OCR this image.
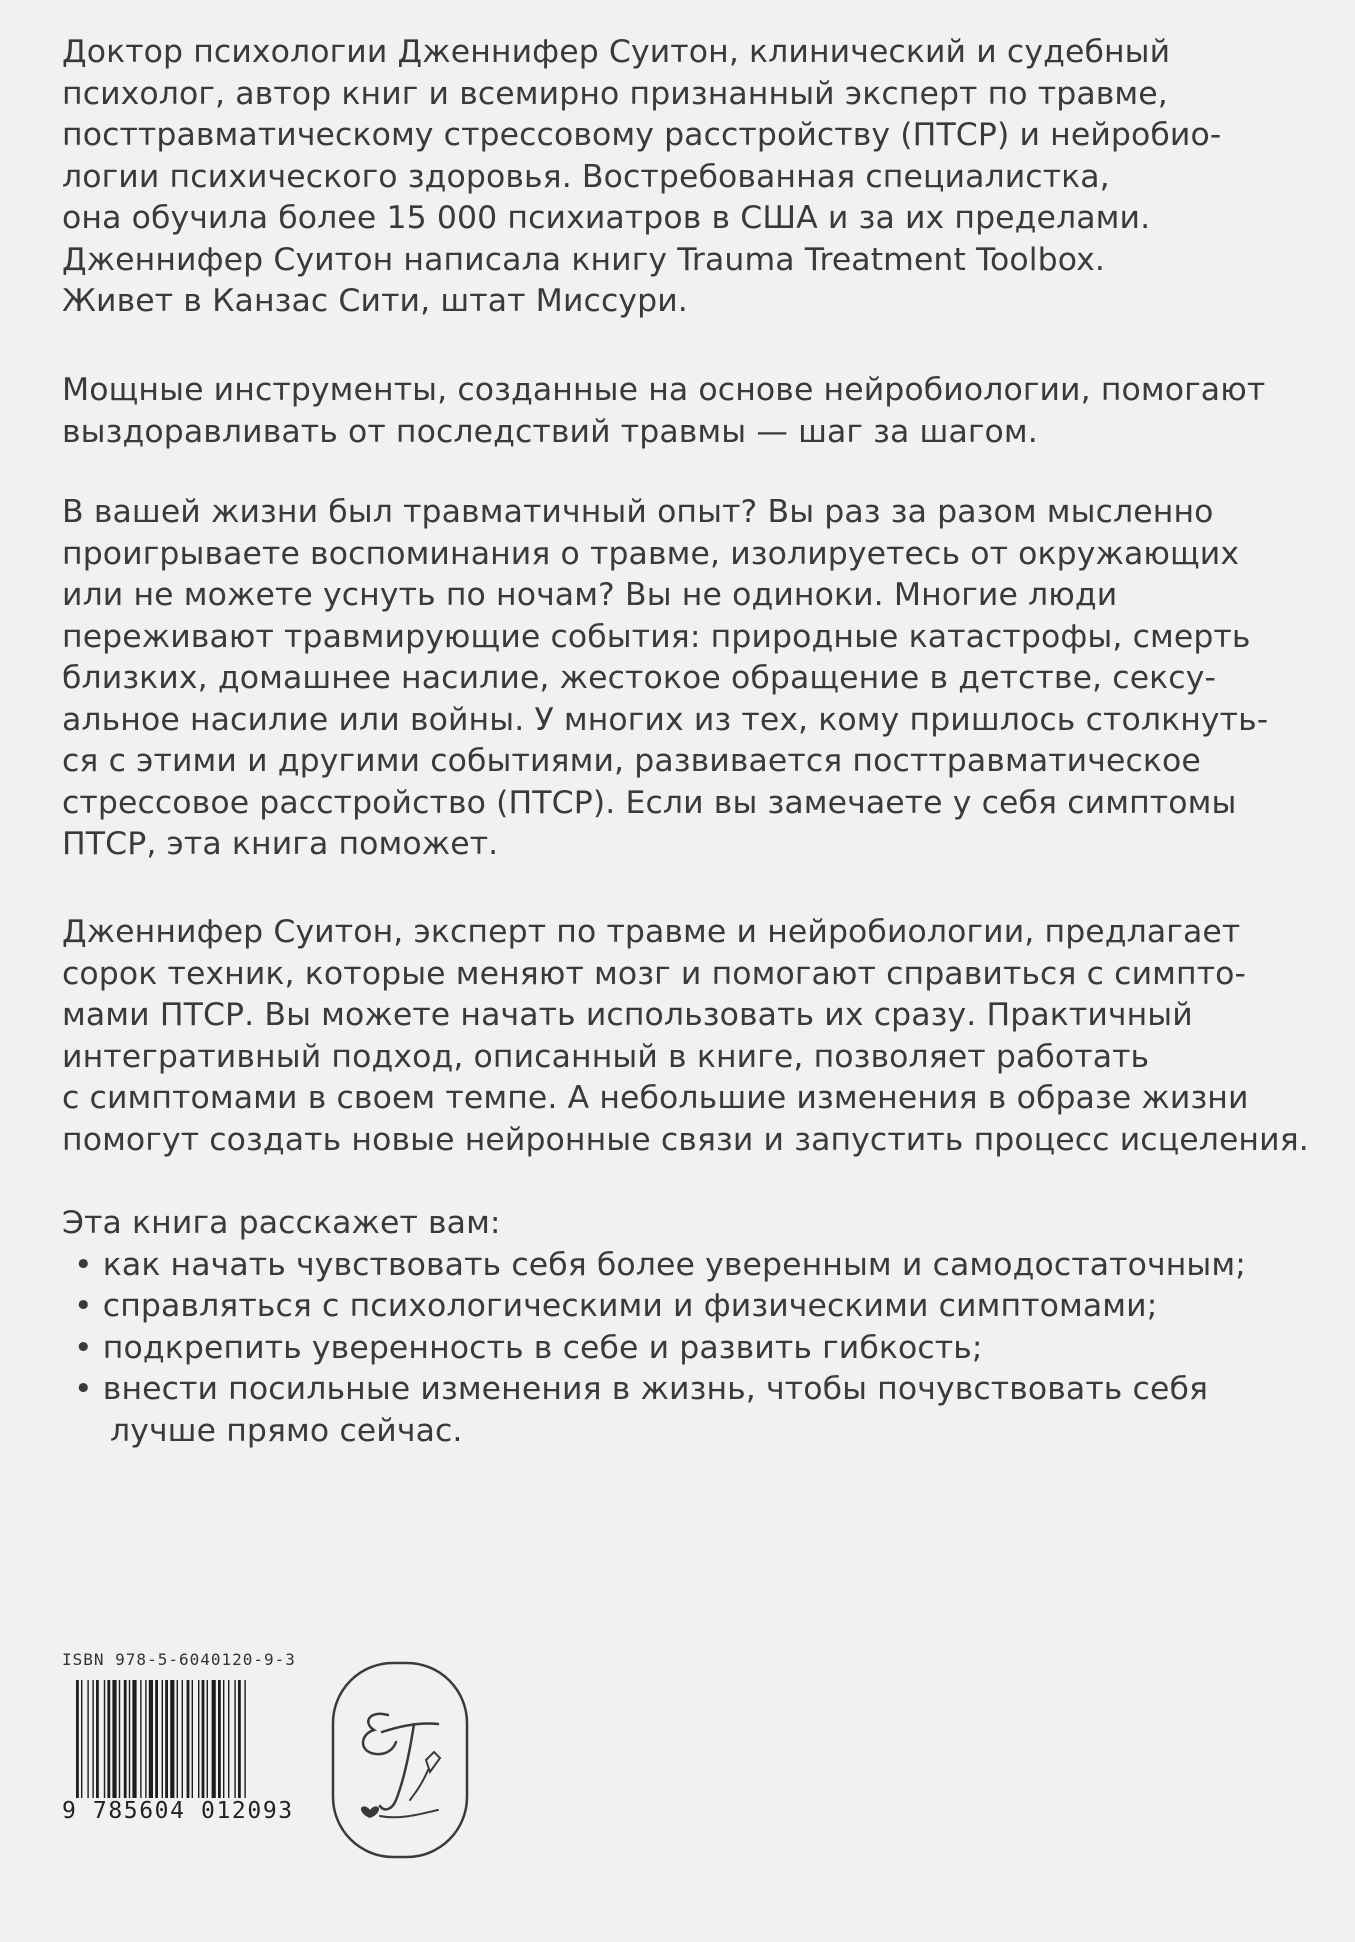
Доктор психологии Дженнифер Суитон, клинический и судебный
психолог, автор книг и всемирно признанный эксперт по травме,
посттравматическому стрессовому расстройству (ПТСР) и нейробио-
логии психического здоровья. Востребованная специалистка,
она обучила более 15 000 психиатров в США и за их пределами.
Дженнифер Суитон написала книгу Trauma Treatment Toolbox.
Живет в Канзас Сити, штат Миссури.
Мощные инструменты, созданные на основе нейробиологии, помогают
выздоравливать от последствий травмы — шаг за шагом.
В вашей жизни был травматичный опыт? Вы раз за разом мысленно
проигрываете воспоминания о травме, изолируетесь от окружающих
или не можете уснуть по ночам? Вы не одиноки. Многие люди
переживают травмирующие события: природные катастрофы, смерть
близких, домашнее насилие, жестокое обращение в детстве, сексу-
альное насилие или войны. У многих из тех, кому пришлось столкнуть-
ся с этими и другими событиями, развивается посттравматическое
стрессовое расстройство (ПТСР). Если вы замечаете у себя симптомы
ПТСР, эта книга поможет.
Дженнифер Суитон, эксперт по травме и нейробиологии, предлагает
сорок техник, которые меняют мозг и помогают справиться с симпто-
мами ПТСР. Вы можете начать использовать их сразу. Практичный
интегративный подход, описанный в книге, позволяет работать
с симптомами в своем темпе. А небольшие изменения в образе жизни
помогут создать новые нейронные связи и запустить процесс исцеления.
Эта книга расскажет вам:
• как начать чувствовать себя более уверенным и самодостаточным;
• справляться с психологическими и физическими симптомами;
• подкрепить уверенность в себе и развить гибкость;
• внести посильные изменения в жизнь, чтобы почувствовать себя
лучше прямо сейчас.
ISBN 978-5-6040120-9-3
9 785604 012093
